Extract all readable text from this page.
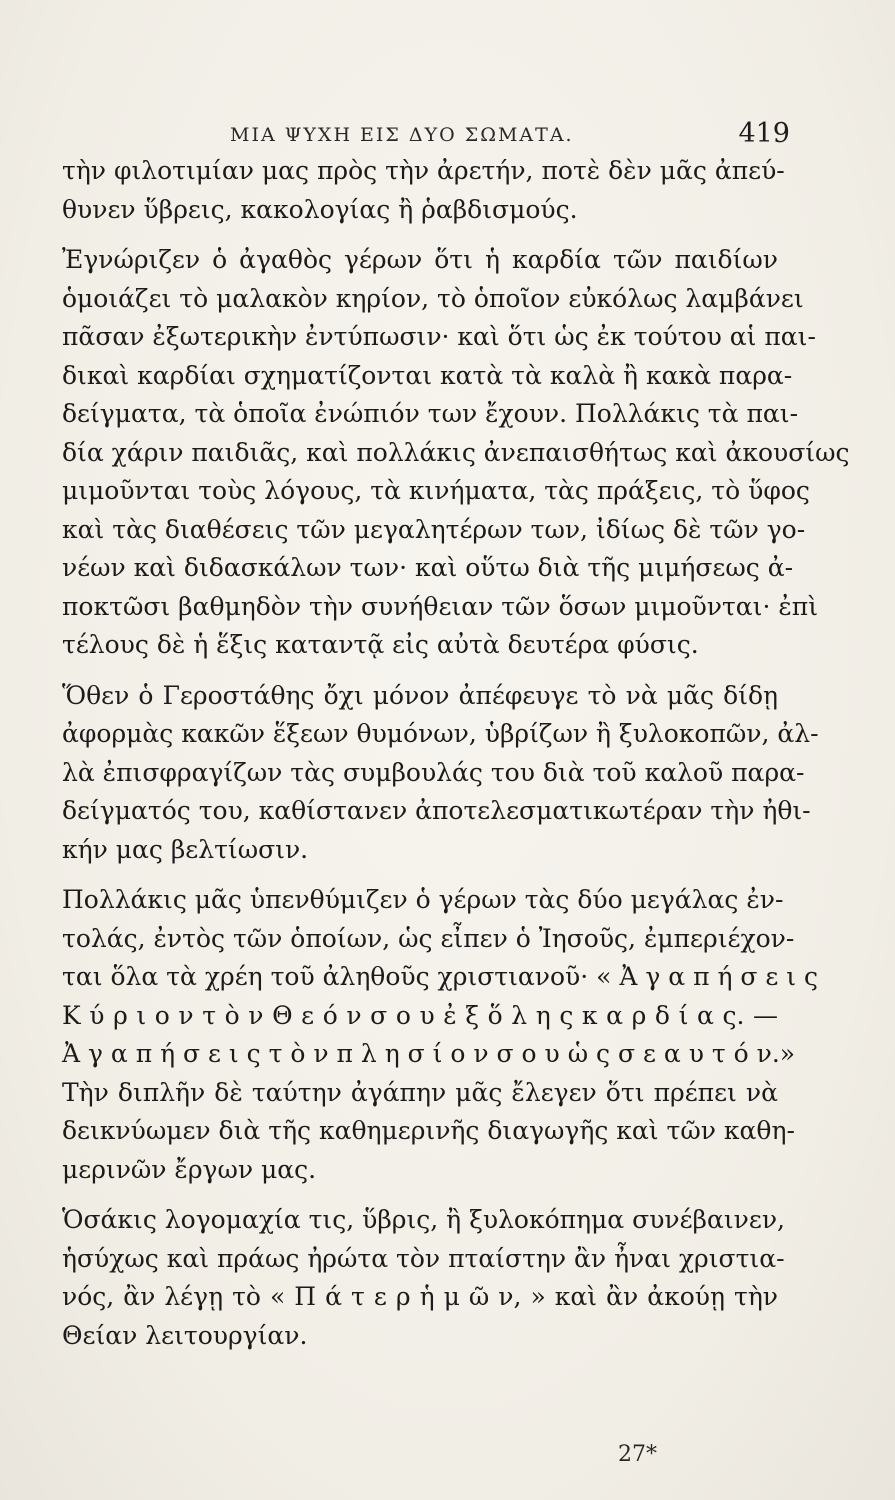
ΜΙΑ ΨΥΧΗ ΕΙΣ ΔΥΟ ΣΩΜΑΤΑ.	419
τὴν φιλοτιμίαν μας πρὸς τὴν ἀρετήν, ποτὲ δὲν μᾶς ἀπεύ-
θυνεν ὕβρεις, κακολογίας ἢ ῥαβδισμούς.
Ἐγνώριζεν ὁ ἀγαθὸς γέρων ὅτι ἡ καρδία τῶν παιδίων
ὁμοιάζει τὸ μαλακὸν κηρίον, τὸ ὁποῖον εὐκόλως λαμβάνει
πᾶσαν ἐξωτερικὴν ἐντύπωσιν· καὶ ὅτι ὡς ἐκ τούτου αἱ παι-
δικαὶ καρδίαι σχηματίζονται κατὰ τὰ καλὰ ἢ κακὰ παρα-
δείγματα, τὰ ὁποῖα ἐνώπιόν των ἔχουν. Πολλάκις τὰ παι-
δία χάριν παιδιᾶς, καὶ πολλάκις ἀνεπαισθήτως καὶ ἀκουσίως
μιμοῦνται τοὺς λόγους, τὰ κινήματα, τὰς πράξεις, τὸ ὕφος
καὶ τὰς διαθέσεις τῶν μεγαλητέρων των, ἰδίως δὲ τῶν γο-
νέων καὶ διδασκάλων των· καὶ οὕτω διὰ τῆς μιμήσεως ἀ-
ποκτῶσι βαθμηδὸν τὴν συνήθειαν τῶν ὅσων μιμοῦνται· ἐπὶ
τέλους δὲ ἡ ἕξις καταντᾷ εἰς αὐτὰ δευτέρα φύσις.
Ὅθεν ὁ Γεροστάθης ὄχι μόνον ἀπέφευγε τὸ νὰ μᾶς δίδῃ
ἀφορμὰς κακῶν ἕξεων θυμόνων, ὑβρίζων ἢ ξυλοκοπῶν, ἀλ-
λὰ ἐπισφραγίζων τὰς συμβουλάς του διὰ τοῦ καλοῦ παρα-
δείγματός του, καθίστανεν ἀποτελεσματικωτέραν τὴν ἠθι-
κήν μας βελτίωσιν.
Πολλάκις μᾶς ὑπενθύμιζεν ὁ γέρων τὰς δύο μεγάλας ἐν-
τολάς, ἐντὸς τῶν ὁποίων, ὡς εἶπεν ὁ Ἰησοῦς, ἐμπεριέχον-
ται ὅλα τὰ χρέη τοῦ ἀληθοῦς χριστιανοῦ· « Ἀ γ α π ή σ ε ι ς
Κ ύ ρ ι ο ν τ ὸ ν Θ ε ό ν σ ο υ ἐ ξ ὅ λ η ς κ α ρ δ ί α ς. —
Ἀ γ α π ή σ ε ι ς τ ὸ ν π λ η σ ί ο ν σ ο υ ὡ ς σ ε α υ τ ό ν.»
Τὴν διπλῆν δὲ ταύτην ἀγάπην μᾶς ἔλεγεν ὅτι πρέπει νὰ
δεικνύωμεν διὰ τῆς καθημερινῆς διαγωγῆς καὶ τῶν καθη-
μερινῶν ἔργων μας.
Ὁσάκις λογομαχία τις, ὕβρις, ἢ ξυλοκόπημα συνέβαινεν,
ἡσύχως καὶ πράως ἠρώτα τὸν πταίστην ἂν ἦναι χριστια-
νός, ἂν λέγῃ τὸ « Π ά τ ε ρ ἡ μ ῶ ν, » καὶ ἂν ἀκούῃ τὴν
Θείαν λειτουργίαν.
27*
